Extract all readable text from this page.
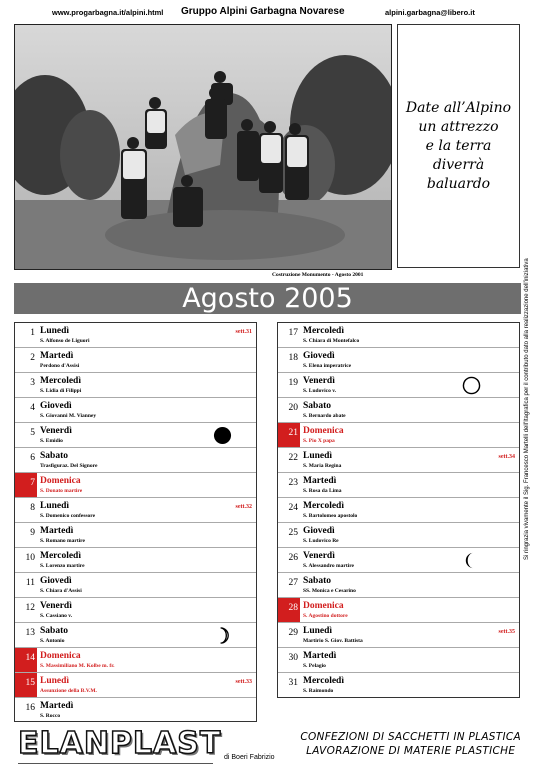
www.progarbagna.it/alpini.html Gruppo Alpini Garbagna Novarese	alpini.garbagna@libero.it
Costruzione Monumento - Agosto 2001
Date all’Alpino
un attrezzo
e la terra
diverrà
baluardo
Agosto 2005
1 Lunedì
S. Alfonso de Liguori
sett.31
2 Martedì
Perdono d'Assisi
3 Mercoledì
S. Lidia di Filippi
4 Giovedì
S. Giovanni M. Vianney
5 Venerdì
S. Emidio
6 Sabato
Trasfiguraz. Del Signore
7 Domenica
S. Donato martire
8 Lunedì
S. Domenico confessore
sett.32
9 Martedì
S. Romano martire
10 Mercoledì
S. Lorenzo martire
11 Giovedì
S. Chiara d'Assisi
12 Venerdì
S. Cassiano v.
13 Sabato
S. Antonio
14 Domenica
S. Massimiliano M. Kolbe m. fr.
15 Lunedì
Assunzione della B.V.M.
sett.33
16 Martedì
S. Rocco
17 Mercoledì
S. Chiara di Montefalco
18 Giovedì
S. Elena imperatrice
19 Venerdì
S. Ludovico v.
20 Sabato
S. Bernardo abate
21 Domenica
S. Pio X papa
22 Lunedì
S. Maria Regina
sett.34
23 Martedì
S. Rosa da Lima
24 Mercoledì
S. Bartolomeo apostolo
25 Giovedì
S. Ludovico Re
26 Venerdì
S. Alessandro martire
27 Sabato
SS. Monica e Cesarino
28 Domenica
S. Agostino dottore
29 Lunedì
Martirio S. Giov. Battista
sett.35
30 Martedì
S. Pelagio
31 Mercoledì
S. Raimondo
Si ringrazia vivamente il Sig. Francesco Martelli dell'Itagrafica per il contributo dato alla realizzazione dell'iniziativa
ELANPLAST di Boeri Fabrizio
CONFEZIONI DI SACCHETTI IN PLASTICA
LAVORAZIONE DI MATERIE PLASTICHE
